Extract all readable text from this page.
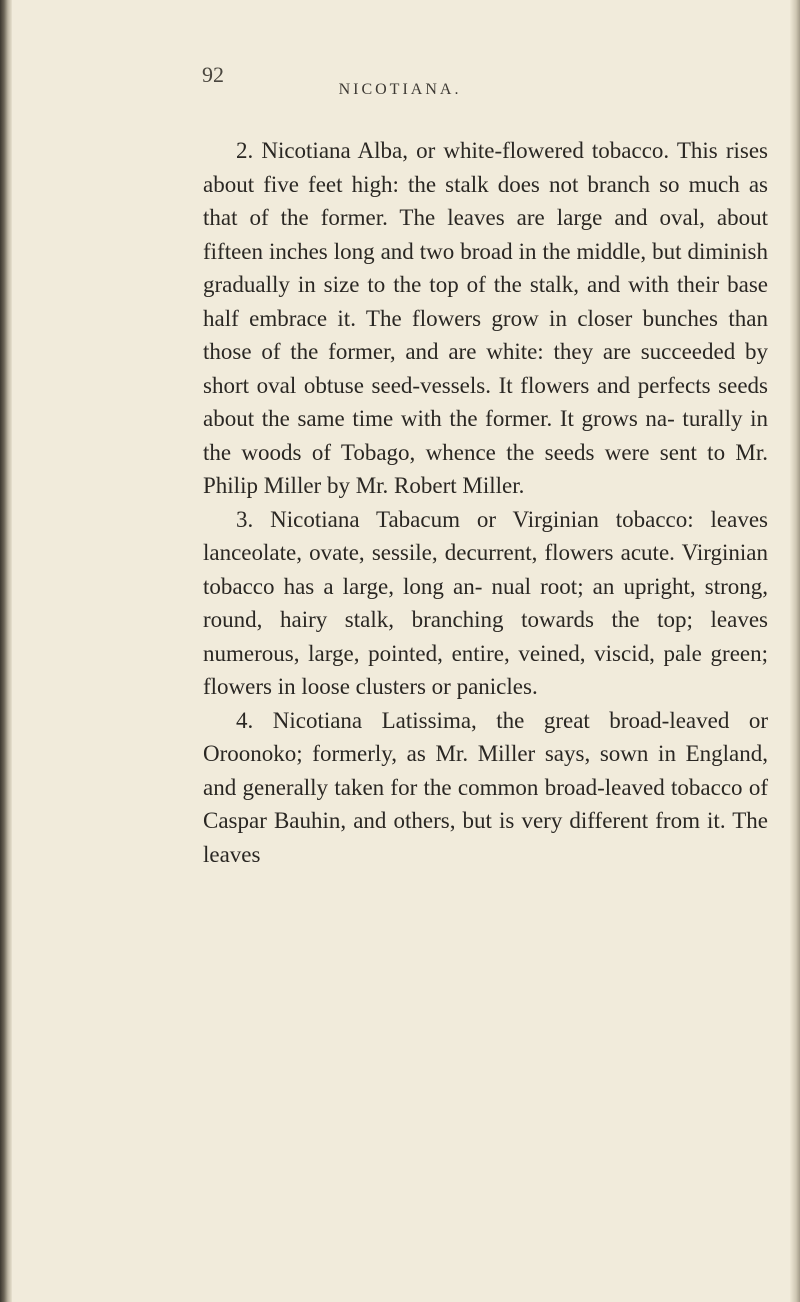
92
NICOTIANA.

2. Nicotiana Alba, or white-flowered tobacco. This rises about five feet high: the stalk does not branch so much as that of the former. The leaves are large and oval, about fifteen inches long and two broad in the middle, but diminish gradually in size to the top of the stalk, and with their base half embrace it. The flowers grow in closer bunches than those of the former, and are white: they are succeeded by short oval obtuse seed-vessels. It flowers and perfects seeds about the same time with the former. It grows na- turally in the woods of Tobago, whence the seeds were sent to Mr. Philip Miller by Mr. Robert Miller.

3. Nicotiana Tabacum or Virginian tobacco: leaves lanceolate, ovate, sessile, decurrent, flowers acute. Virginian tobacco has a large, long an- nual root; an upright, strong, round, hairy stalk, branching towards the top; leaves numerous, large, pointed, entire, veined, viscid, pale green; flowers in loose clusters or panicles.

4. Nicotiana Latissima, the great broad-leaved or Oroonoko; formerly, as Mr. Miller says, sown in England, and generally taken for the common broad-leaved tobacco of Caspar Bauhin, and others, but is very different from it. The leaves
